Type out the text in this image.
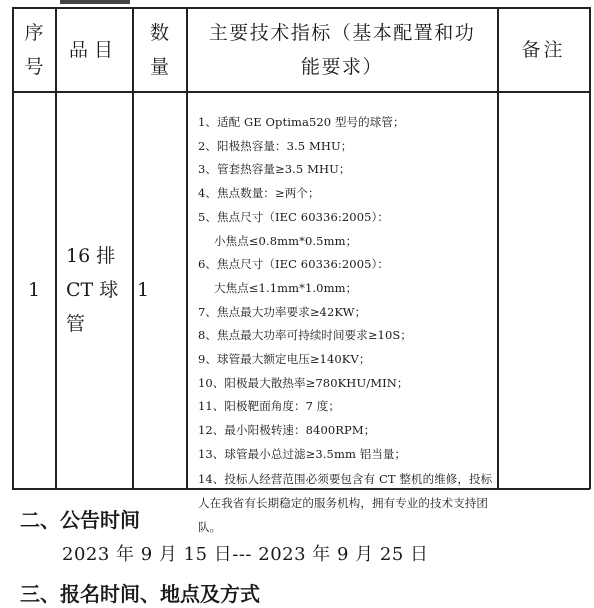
序
号
品目
数
量
主要技术指标（基本配置和功
能要求）
备注
1
16 排
CT 球
管
1
1、适配 GE Optima520 型号的球管；
2、阳极热容量：3.5 MHU；
3、管套热容量≥3.5 MHU；
4、焦点数量：≥两个；
5、焦点尺寸（IEC 60336:2005）：
小焦点≤0.8mm*0.5mm；
6、焦点尺寸（IEC 60336:2005）：
大焦点≤1.1mm*1.0mm；
7、焦点最大功率要求≥42KW；
8、焦点最大功率可持续时间要求≥10S；
9、球管最大额定电压≥140KV；
10、阳极最大散热率≥780KHU/MIN；
11、阳极靶面角度：7 度；
12、最小阳极转速：8400RPM；
13、球管最小总过滤≥3.5mm 铝当量；
14、投标人经营范围必须要包含有 CT 整机的维修，投标人在我省有长期稳定的服务机构，拥有专业的技术支持团队。
二、公告时间
2023 年 9 月 15 日--- 2023 年 9 月 25 日
三、报名时间、地点及方式
